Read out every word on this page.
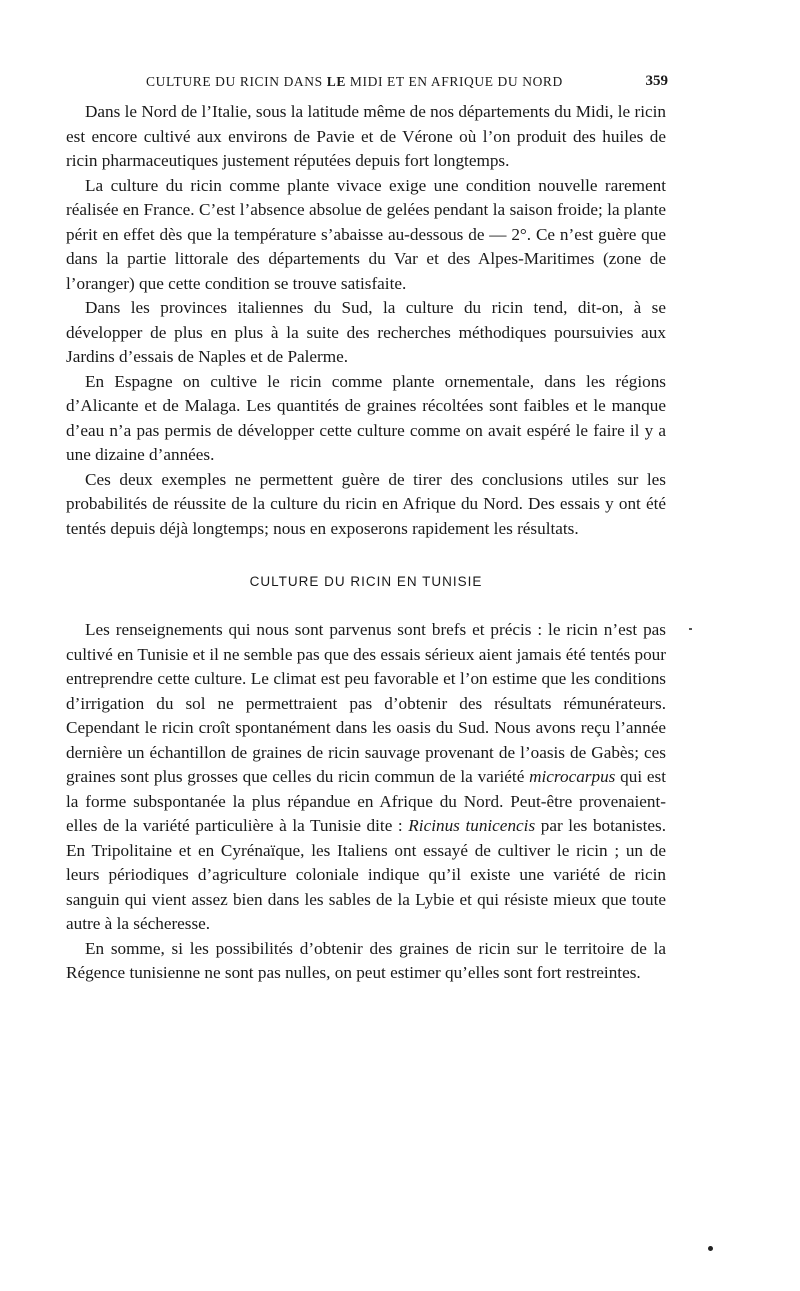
CULTURE DU RICIN DANS LE MIDI ET EN AFRIQUE DU NORD	359

Dans le Nord de l’Italie, sous la latitude même de nos départements du Midi, le ricin est encore cultivé aux environs de Pavie et de Vérone où l’on produit des huiles de ricin pharmaceutiques justement réputées depuis fort longtemps.

La culture du ricin comme plante vivace exige une condition nouvelle rarement réalisée en France. C’est l’absence absolue de gelées pendant la saison froide; la plante périt en effet dès que la température s’abaisse au-dessous de — 2°. Ce n’est guère que dans la partie littorale des départements du Var et des Alpes-Maritimes (zone de l’oranger) que cette condition se trouve satisfaite.

Dans les provinces italiennes du Sud, la culture du ricin tend, dit-on, à se développer de plus en plus à la suite des recherches méthodiques poursuivies aux Jardins d’essais de Naples et de Palerme.

En Espagne on cultive le ricin comme plante ornementale, dans les régions d’Alicante et de Malaga. Les quantités de graines récoltées sont faibles et le manque d’eau n’a pas permis de développer cette culture comme on avait espéré le faire il y a une dizaine d’années.

Ces deux exemples ne permettent guère de tirer des conclusions utiles sur les probabilités de réussite de la culture du ricin en Afrique du Nord. Des essais y ont été tentés depuis déjà longtemps; nous en exposerons rapidement les résultats.

CULTURE DU RICIN EN TUNISIE

Les renseignements qui nous sont parvenus sont brefs et précis : le ricin n’est pas cultivé en Tunisie et il ne semble pas que des essais sérieux aient jamais été tentés pour entreprendre cette culture. Le climat est peu favorable et l’on estime que les conditions d’irrigation du sol ne permettraient pas d’obtenir des résultats rémunérateurs. Cependant le ricin croît spontanément dans les oasis du Sud. Nous avons reçu l’année dernière un échantillon de graines de ricin sauvage provenant de l’oasis de Gabès; ces graines sont plus grosses que celles du ricin commun de la variété microcarpus qui est la forme subspontanée la plus répandue en Afrique du Nord. Peut-être provenaient-elles de la variété particulière à la Tunisie dite : Ricinus tunicencis par les botanistes. En Tripolitaine et en Cyrénaïque, les Italiens ont essayé de cultiver le ricin ; un de leurs périodiques d’agriculture coloniale indique qu’il existe une variété de ricin sanguin qui vient assez bien dans les sables de la Lybie et qui résiste mieux que toute autre à la sécheresse.

En somme, si les possibilités d’obtenir des graines de ricin sur le territoire de la Régence tunisienne ne sont pas nulles, on peut estimer qu’elles sont fort restreintes.
